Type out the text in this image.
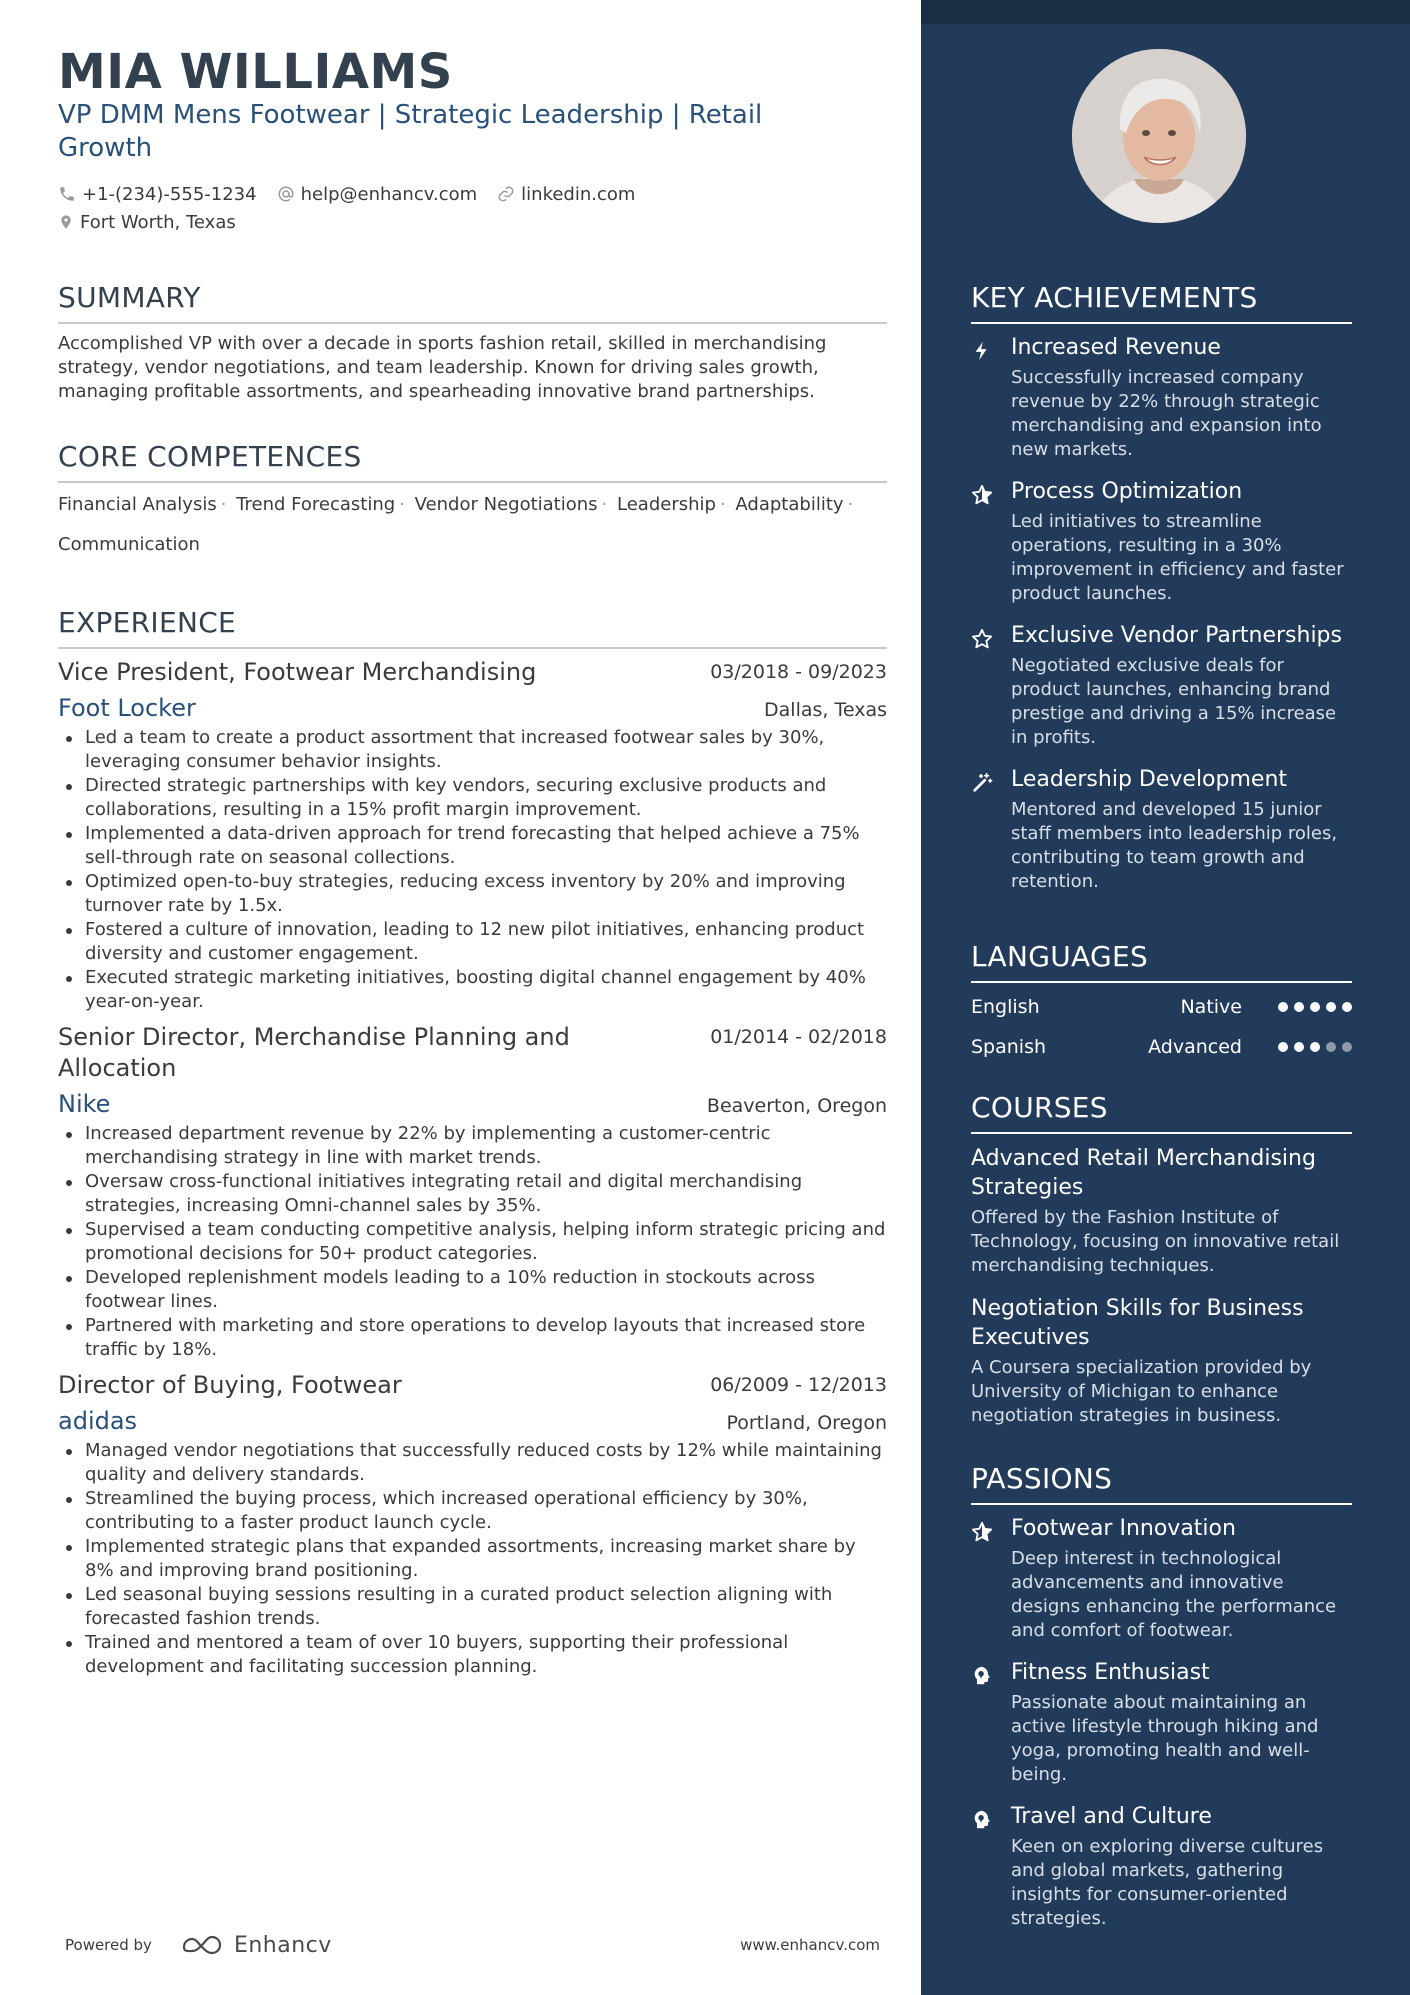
MIA WILLIAMS
VP DMM Mens Footwear | Strategic Leadership | Retail Growth
+1-(234)-555-1234 help@enhancv.com linkedin.com
Fort Worth, Texas
SUMMARY
Accomplished VP with over a decade in sports fashion retail, skilled in merchandising strategy, vendor negotiations, and team leadership. Known for driving sales growth, managing profitable assortments, and spearheading innovative brand partnerships.
CORE COMPETENCES
Financial Analysis · Trend Forecasting · Vendor Negotiations · Leadership · Adaptability · Communication
EXPERIENCE
Vice President, Footwear Merchandising	03/2018 - 09/2023
Foot Locker	Dallas, Texas
Led a team to create a product assortment that increased footwear sales by 30%, leveraging consumer behavior insights.
Directed strategic partnerships with key vendors, securing exclusive products and collaborations, resulting in a 15% profit margin improvement.
Implemented a data-driven approach for trend forecasting that helped achieve a 75% sell-through rate on seasonal collections.
Optimized open-to-buy strategies, reducing excess inventory by 20% and improving turnover rate by 1.5x.
Fostered a culture of innovation, leading to 12 new pilot initiatives, enhancing product diversity and customer engagement.
Executed strategic marketing initiatives, boosting digital channel engagement by 40% year-on-year.
Senior Director, Merchandise Planning and Allocation
01/2014 - 02/2018
Nike	Beaverton, Oregon
Increased department revenue by 22% by implementing a customer-centric merchandising strategy in line with market trends.
Oversaw cross-functional initiatives integrating retail and digital merchandising strategies, increasing Omni-channel sales by 35%.
Supervised a team conducting competitive analysis, helping inform strategic pricing and promotional decisions for 50+ product categories.
Developed replenishment models leading to a 10% reduction in stockouts across footwear lines.
Partnered with marketing and store operations to develop layouts that increased store traffic by 18%.
Director of Buying, Footwear	06/2009 - 12/2013
adidas	Portland, Oregon
Managed vendor negotiations that successfully reduced costs by 12% while maintaining quality and delivery standards.
Streamlined the buying process, which increased operational efficiency by 30%, contributing to a faster product launch cycle.
Implemented strategic plans that expanded assortments, increasing market share by 8% and improving brand positioning.
Led seasonal buying sessions resulting in a curated product selection aligning with forecasted fashion trends.
Trained and mentored a team of over 10 buyers, supporting their professional development and facilitating succession planning.
Powered by	Enhancv	www.enhancv.com
KEY ACHIEVEMENTS
Increased Revenue
Successfully increased company revenue by 22% through strategic merchandising and expansion into new markets.
Process Optimization
Led initiatives to streamline operations, resulting in a 30% improvement in efficiency and faster product launches.
Exclusive Vendor Partnerships
Negotiated exclusive deals for product launches, enhancing brand prestige and driving a 15% increase in profits.
Leadership Development
Mentored and developed 15 junior staff members into leadership roles, contributing to team growth and retention.
LANGUAGES
English	Native
Spanish	Advanced
COURSES
Advanced Retail Merchandising Strategies
Offered by the Fashion Institute of Technology, focusing on innovative retail merchandising techniques.
Negotiation Skills for Business Executives
A Coursera specialization provided by University of Michigan to enhance negotiation strategies in business.
PASSIONS
Footwear Innovation
Deep interest in technological advancements and innovative designs enhancing the performance and comfort of footwear.
Fitness Enthusiast
Passionate about maintaining an active lifestyle through hiking and yoga, promoting health and well-being.
Travel and Culture
Keen on exploring diverse cultures and global markets, gathering insights for consumer-oriented strategies.
